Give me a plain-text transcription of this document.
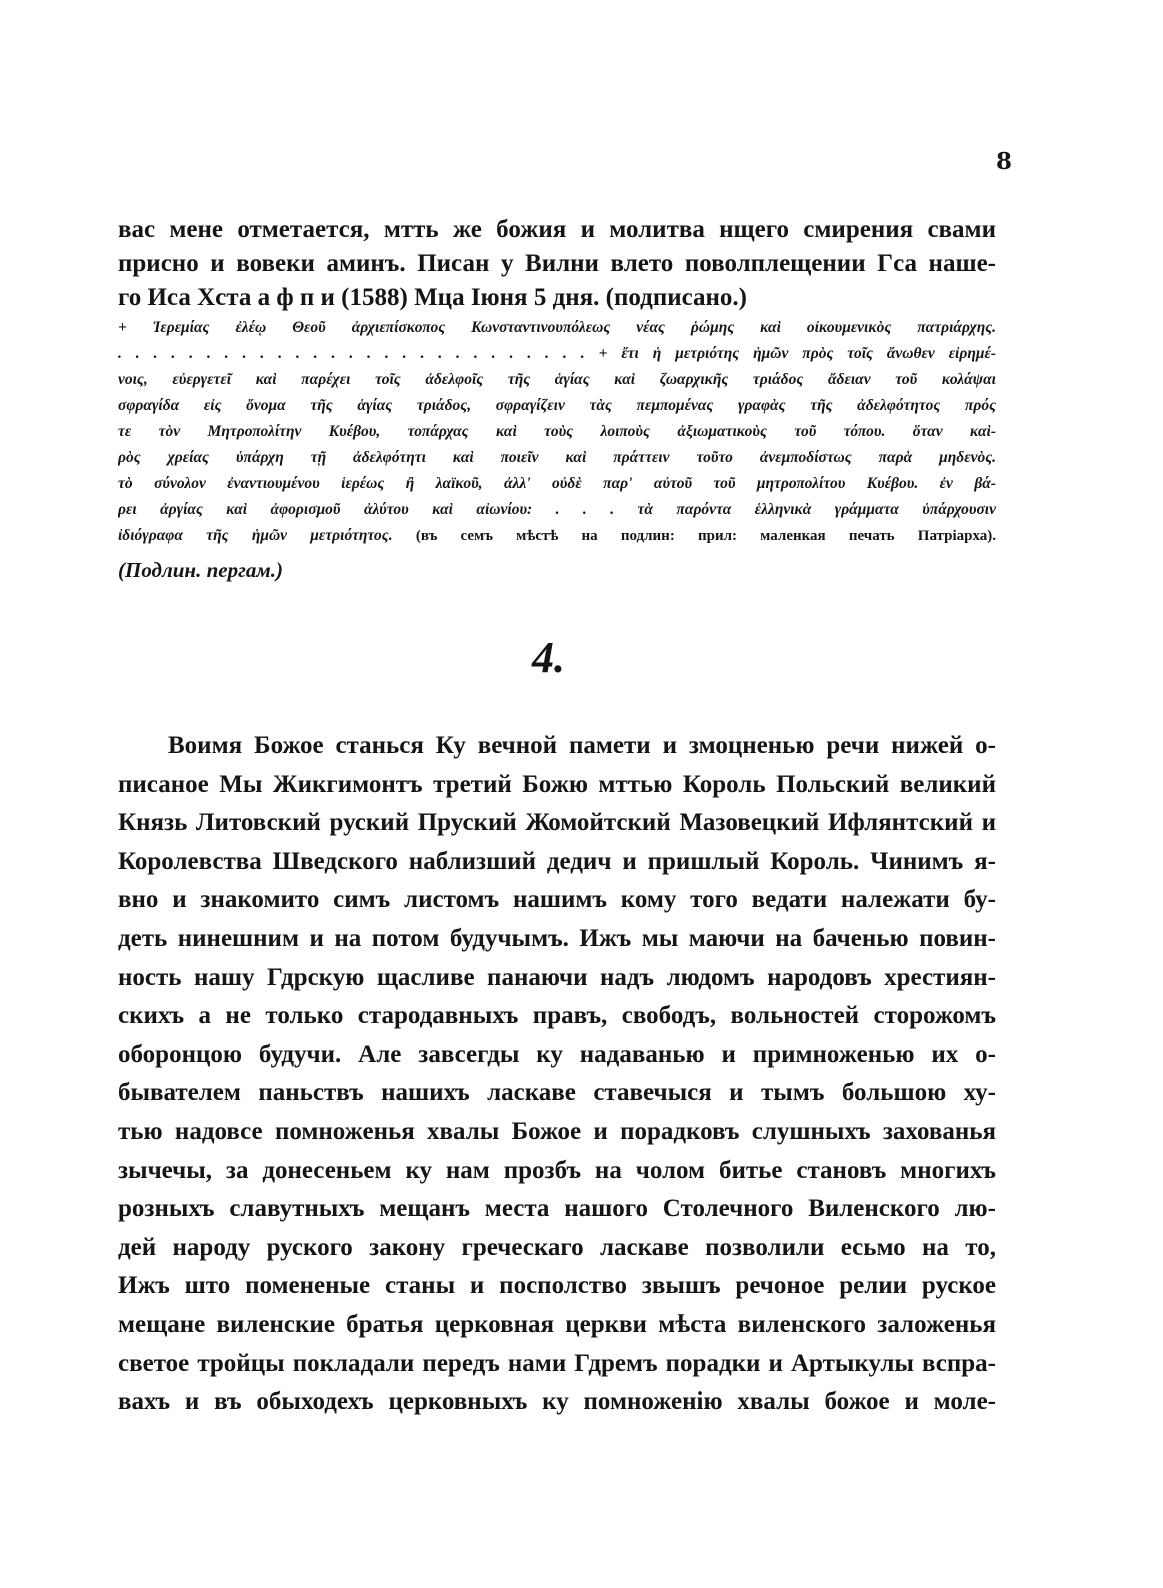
8
вас мене отметается, мтть же божия и молитва нщего смирения свами
присно и вовеки аминъ. Писан у Вилни влето поволплещении Гса наше-
го Иса Хста а ф п и (1588) Мца Іюня 5 дня. (подписано.)
+ Ἱερεμίας ἐλέῳ Θεοῦ ἀρχιεπίσκοπος Κωνσταντινουπόλεως νέας ῥώμης καὶ οἰκουμενικὸς πατριάρχης.
. . . . . . . . . . . . . . . . . . . . . . . . . . . + ἔτι ἡ μετριότης ἡμῶν πρὸς τοῖς ἄνωθεν εἰρημέ-
νοις, εὐεργετεῖ καὶ παρέχει τοῖς ἀδελφοῖς τῆς ἁγίας καὶ ζωαρχικῆς τριάδος ἄδειαν τοῦ κολάψαι
σφραγίδα εἰς ὄνομα τῆς ἁγίας τριάδος, σφραγίζειν τὰς πεμπομένας γραφὰς τῆς ἀδελφότητος πρός
τε τὸν Μητροπολίτην Κυέβου, τοπάρχας καὶ τοὺς λοιποὺς ἀξιωματικοὺς τοῦ τόπου. ὅταν καὶ-
ρὸς χρείας ὑπάρχη τῇ ἀδελφότητι καὶ ποιεῖν καὶ πράττειν τοῦτο ἀνεμποδίστως παρὰ μηδενὸς.
τὸ σύνολον ἐναντιουμένου ἱερέως ἢ λαϊκοῦ, ἀλλ' οὐδὲ παρ' αὐτοῦ τοῦ μητροπολίτου Κυέβου. ἐν βά-
ρει ἀργίας καὶ ἀφορισμοῦ ἀλύτου καὶ αἰωνίου: . . . τὰ παρόντα ἑλληνικὰ γράμματα ὑπάρχουσιν
ἰδιόγραφα τῆς ἡμῶν μετριότητος. (въ семъ мѣстѣ на подлин: прил: маленкая печать Патріарха).
(Подлин. пергам.)
4.
Воимя Божое станься Ку вечной памети и змоцненью речи нижей о-
писаное Мы Жикгимонтъ третий Божю мттью Король Польский великий
Князь Литовский руский Пруский Жомойтский Мазовецкий Ифлянтский и
Королевства Шведского наблизший дедич и пришлый Король. Чинимъ я-
вно и знакомито симъ листомъ нашимъ кому того ведати належати бу-
деть нинешним и на потом будучымъ. Ижъ мы маючи на баченью повин-
ность нашу Гдрскую щасливе панаючи надъ людомъ народовъ хрестиян-
скихъ а не только стародавныхъ правъ, свободъ, вольностей сторожомъ
оборонцою будучи. Але завсегды ку надаванью и примноженью их о-
бывателем паньствъ нашихъ ласкаве ставечыся и тымъ большою ху-
тью надовсе помноженья хвалы Божое и порадковъ слушныхъ захованья
зычечы, за донесеньем ку нам прозбъ на чолом битье становъ многихъ
розныхъ славутныхъ мещанъ места нашого Столечного Виленского лю-
дей народу руского закону греческаго ласкаве позволили есьмо на то,
Ижъ што помененые станы и посполство звышъ речоное релии руское
мещане виленские братья церковная церкви мѣста виленского заложенья
светое тройцы покладали передъ нами Гдремъ порадки и Артыкулы вспра-
вахъ и въ обыходехъ церковныхъ ку помноженію хвалы божое и моле-
